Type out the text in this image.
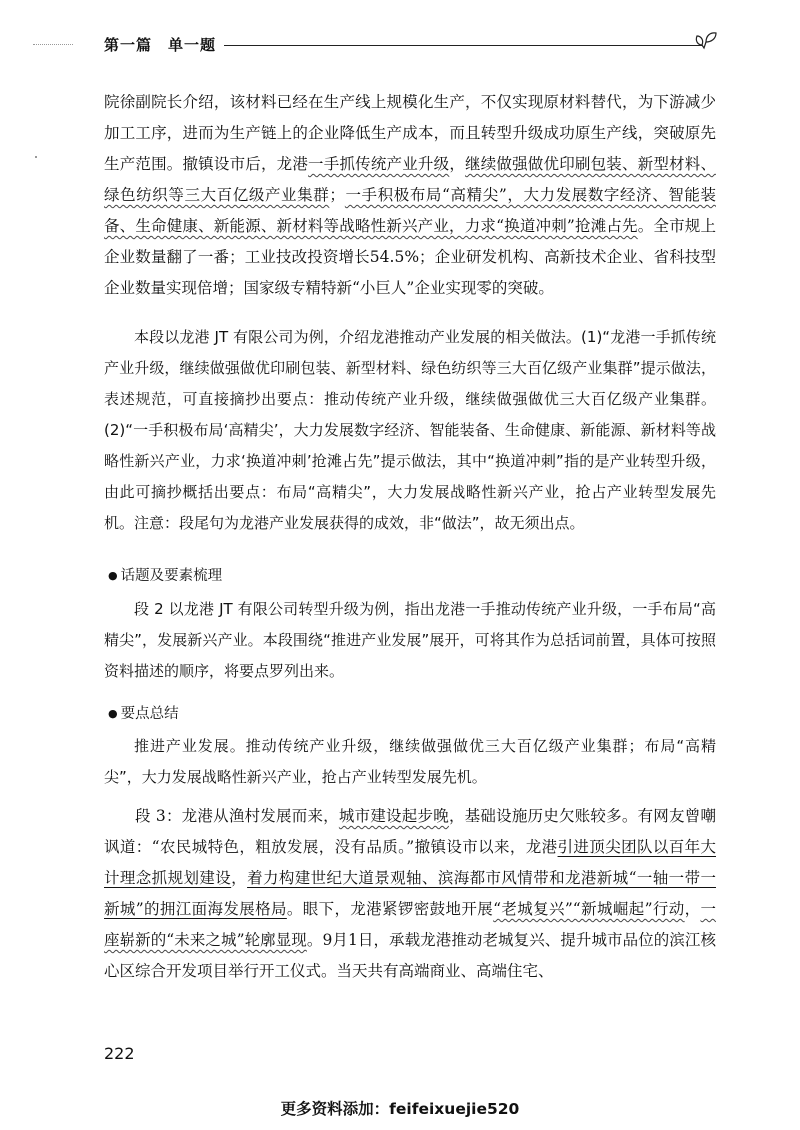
第一篇　单一题

院徐副院长介绍，该材料已经在生产线上规模化生产，不仅实现原材料替代，为下游减少加工工序，进而为生产链上的企业降低生产成本，而且转型升级成功原生产线，突破原先生产范围。撤镇设市后，龙港一手抓传统产业升级，继续做强做优印刷包装、新型材料、绿色纺织等三大百亿级产业集群；一手积极布局“高精尖”，大力发展数字经济、智能装备、生命健康、新能源、新材料等战略性新兴产业，力求“换道冲刺”抢滩占先。全市规上企业数量翻了一番；工业技改投资增长54.5%；企业研发机构、高新技术企业、省科技型企业数量实现倍增；国家级专精特新“小巨人”企业实现零的突破。

本段以龙港 JT 有限公司为例，介绍龙港推动产业发展的相关做法。(1)“龙港一手抓传统产业升级，继续做强做优印刷包装、新型材料、绿色纺织等三大百亿级产业集群”提示做法，表述规范，可直接摘抄出要点：推动传统产业升级，继续做强做优三大百亿级产业集群。(2)“一手积极布局‘高精尖’，大力发展数字经济、智能装备、生命健康、新能源、新材料等战略性新兴产业，力求‘换道冲刺’抢滩占先”提示做法，其中“换道冲刺”指的是产业转型升级，由此可摘抄概括出要点：布局“高精尖”，大力发展战略性新兴产业，抢占产业转型发展先机。注意：段尾句为龙港产业发展获得的成效，非“做法”，故无须出点。

● 话题及要素梳理

段 2 以龙港 JT 有限公司转型升级为例，指出龙港一手推动传统产业升级，一手布局“高精尖”，发展新兴产业。本段围绕“推进产业发展”展开，可将其作为总括词前置，具体可按照资料描述的顺序，将要点罗列出来。

● 要点总结

推进产业发展。推动传统产业升级，继续做强做优三大百亿级产业集群；布局“高精尖”，大力发展战略性新兴产业，抢占产业转型发展先机。

段 3：龙港从渔村发展而来，城市建设起步晚，基础设施历史欠账较多。有网友曾嘲讽道：“农民城特色，粗放发展，没有品质。”撤镇设市以来，龙港引进顶尖团队以百年大计理念抓规划建设，着力构建世纪大道景观轴、滨海都市风情带和龙港新城“一轴一带一新城”的拥江面海发展格局。眼下，龙港紧锣密鼓地开展“老城复兴”“新城崛起”行动，一座崭新的“未来之城”轮廓显现。9月1日，承载龙港推动老城复兴、提升城市品位的滨江核心区综合开发项目举行开工仪式。当天共有高端商业、高端住宅、

222
更多资料添加：feifeixuejie520
